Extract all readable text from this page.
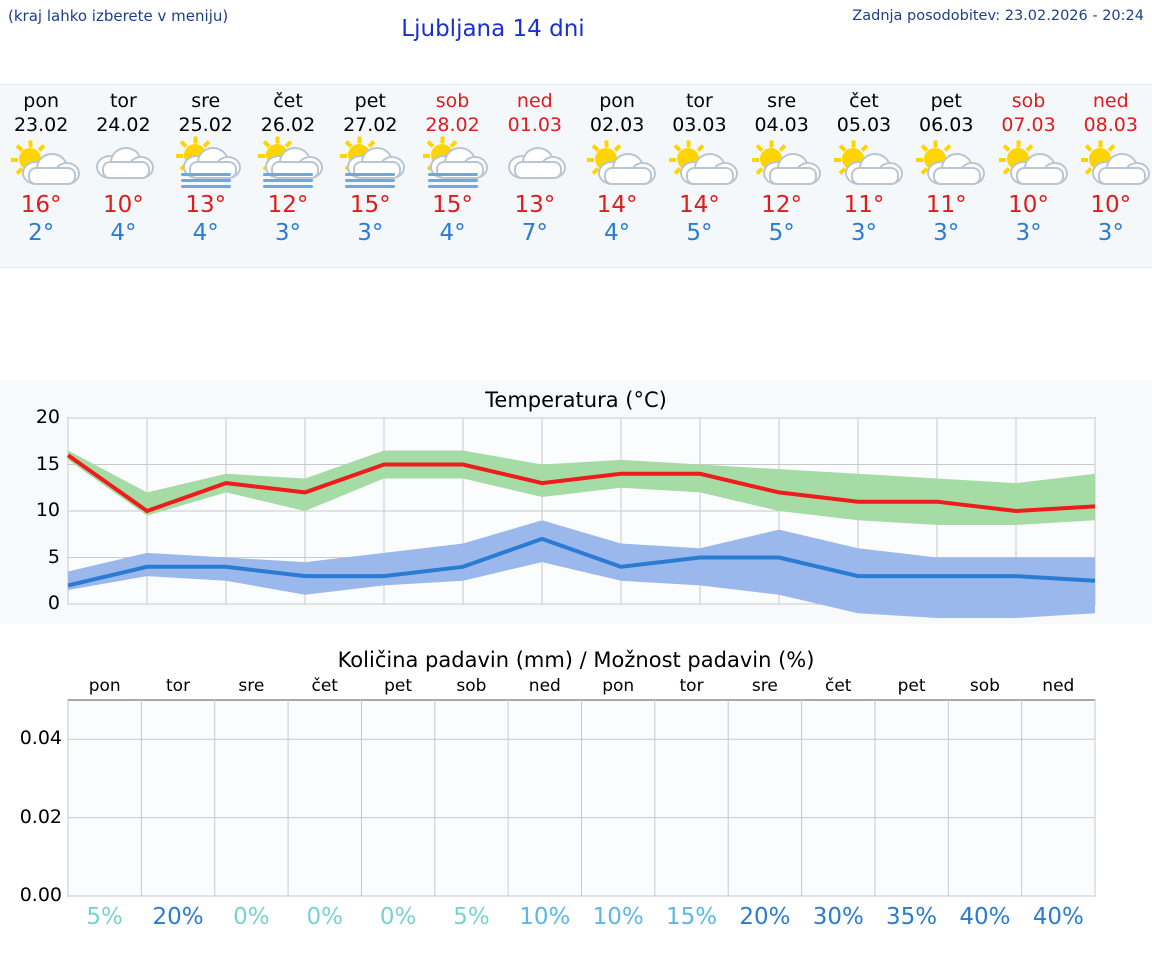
(kraj lahko izberete v meniju)	Ljubljana 14 dni	Zadnja posodobitev: 23.02.2026 - 20:24
pon
23.02
16°
2°
tor
24.02
10°
4°
sre
25.02
13°
4°
čet
26.02
12°
3°
pet
27.02
15°
3°
sob
28.02
15°
4°
ned
01.03
13°
7°
pon
02.03
14°
4°
tor
03.03
14°
5°
sre
04.03
12°
5°
čet
05.03
11°
3°
pet
06.03
11°
3°
sob
07.03
10°
3°
ned
08.03
10°
3°
Temperatura (°C)
20
15
10
5
0
Količina padavin (mm) / Možnost padavin (%)
0.00
0.02
0.04
pon
5%
tor
20%
sre
0%
čet
0%
pet
0%
sob
5%
ned
10%
pon
10%
tor
15%
sre
20%
čet
30%
pet
35%
sob
40%
ned
40%
